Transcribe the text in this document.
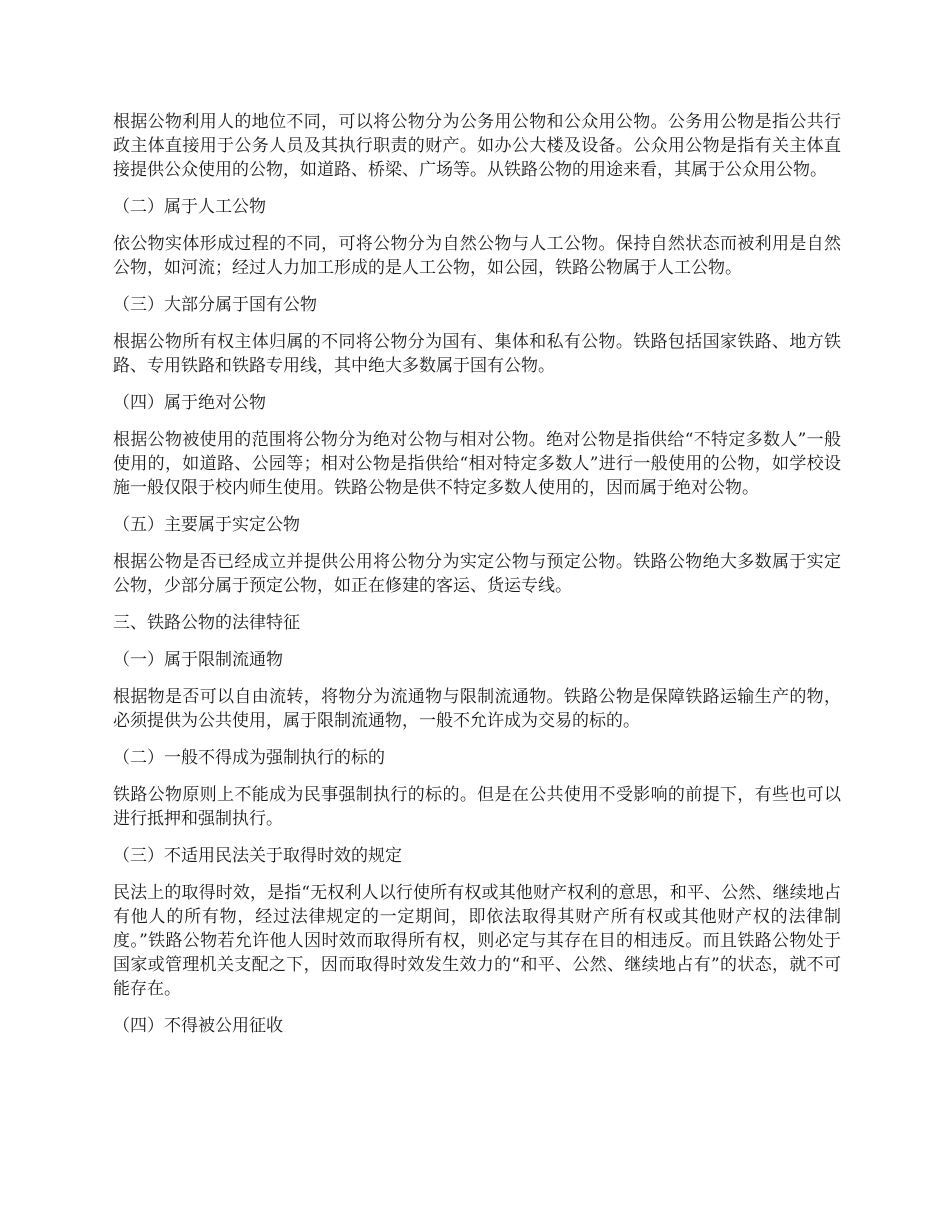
根据公物利用人的地位不同，可以将公物分为公务用公物和公众用公物。公务用公物是指公共行政主体直接用于公务人员及其执行职责的财产。如办公大楼及设备。公众用公物是指有关主体直接提供公众使用的公物，如道路、桥梁、广场等。从铁路公物的用途来看，其属于公众用公物。

（二）属于人工公物

依公物实体形成过程的不同，可将公物分为自然公物与人工公物。保持自然状态而被利用是自然公物，如河流；经过人力加工形成的是人工公物，如公园，铁路公物属于人工公物。

（三）大部分属于国有公物

根据公物所有权主体归属的不同将公物分为国有、集体和私有公物。铁路包括国家铁路、地方铁路、专用铁路和铁路专用线，其中绝大多数属于国有公物。

（四）属于绝对公物

根据公物被使用的范围将公物分为绝对公物与相对公物。绝对公物是指供给“不特定多数人”一般使用的，如道路、公园等；相对公物是指供给“相对特定多数人”进行一般使用的公物，如学校设施一般仅限于校内师生使用。铁路公物是供不特定多数人使用的，因而属于绝对公物。

（五）主要属于实定公物

根据公物是否已经成立并提供公用将公物分为实定公物与预定公物。铁路公物绝大多数属于实定公物，少部分属于预定公物，如正在修建的客运、货运专线。

三、铁路公物的法律特征

（一）属于限制流通物

根据物是否可以自由流转，将物分为流通物与限制流通物。铁路公物是保障铁路运输生产的物，必须提供为公共使用，属于限制流通物，一般不允许成为交易的标的。

（二）一般不得成为强制执行的标的

铁路公物原则上不能成为民事强制执行的标的。但是在公共使用不受影响的前提下，有些也可以进行抵押和强制执行。

（三）不适用民法关于取得时效的规定

民法上的取得时效，是指“无权利人以行使所有权或其他财产权利的意思，和平、公然、继续地占有他人的所有物，经过法律规定的一定期间，即依法取得其财产所有权或其他财产权的法律制度。”铁路公物若允许他人因时效而取得所有权，则必定与其存在目的相违反。而且铁路公物处于国家或管理机关支配之下，因而取得时效发生效力的“和平、公然、继续地占有”的状态，就不可能存在。

（四）不得被公用征收
